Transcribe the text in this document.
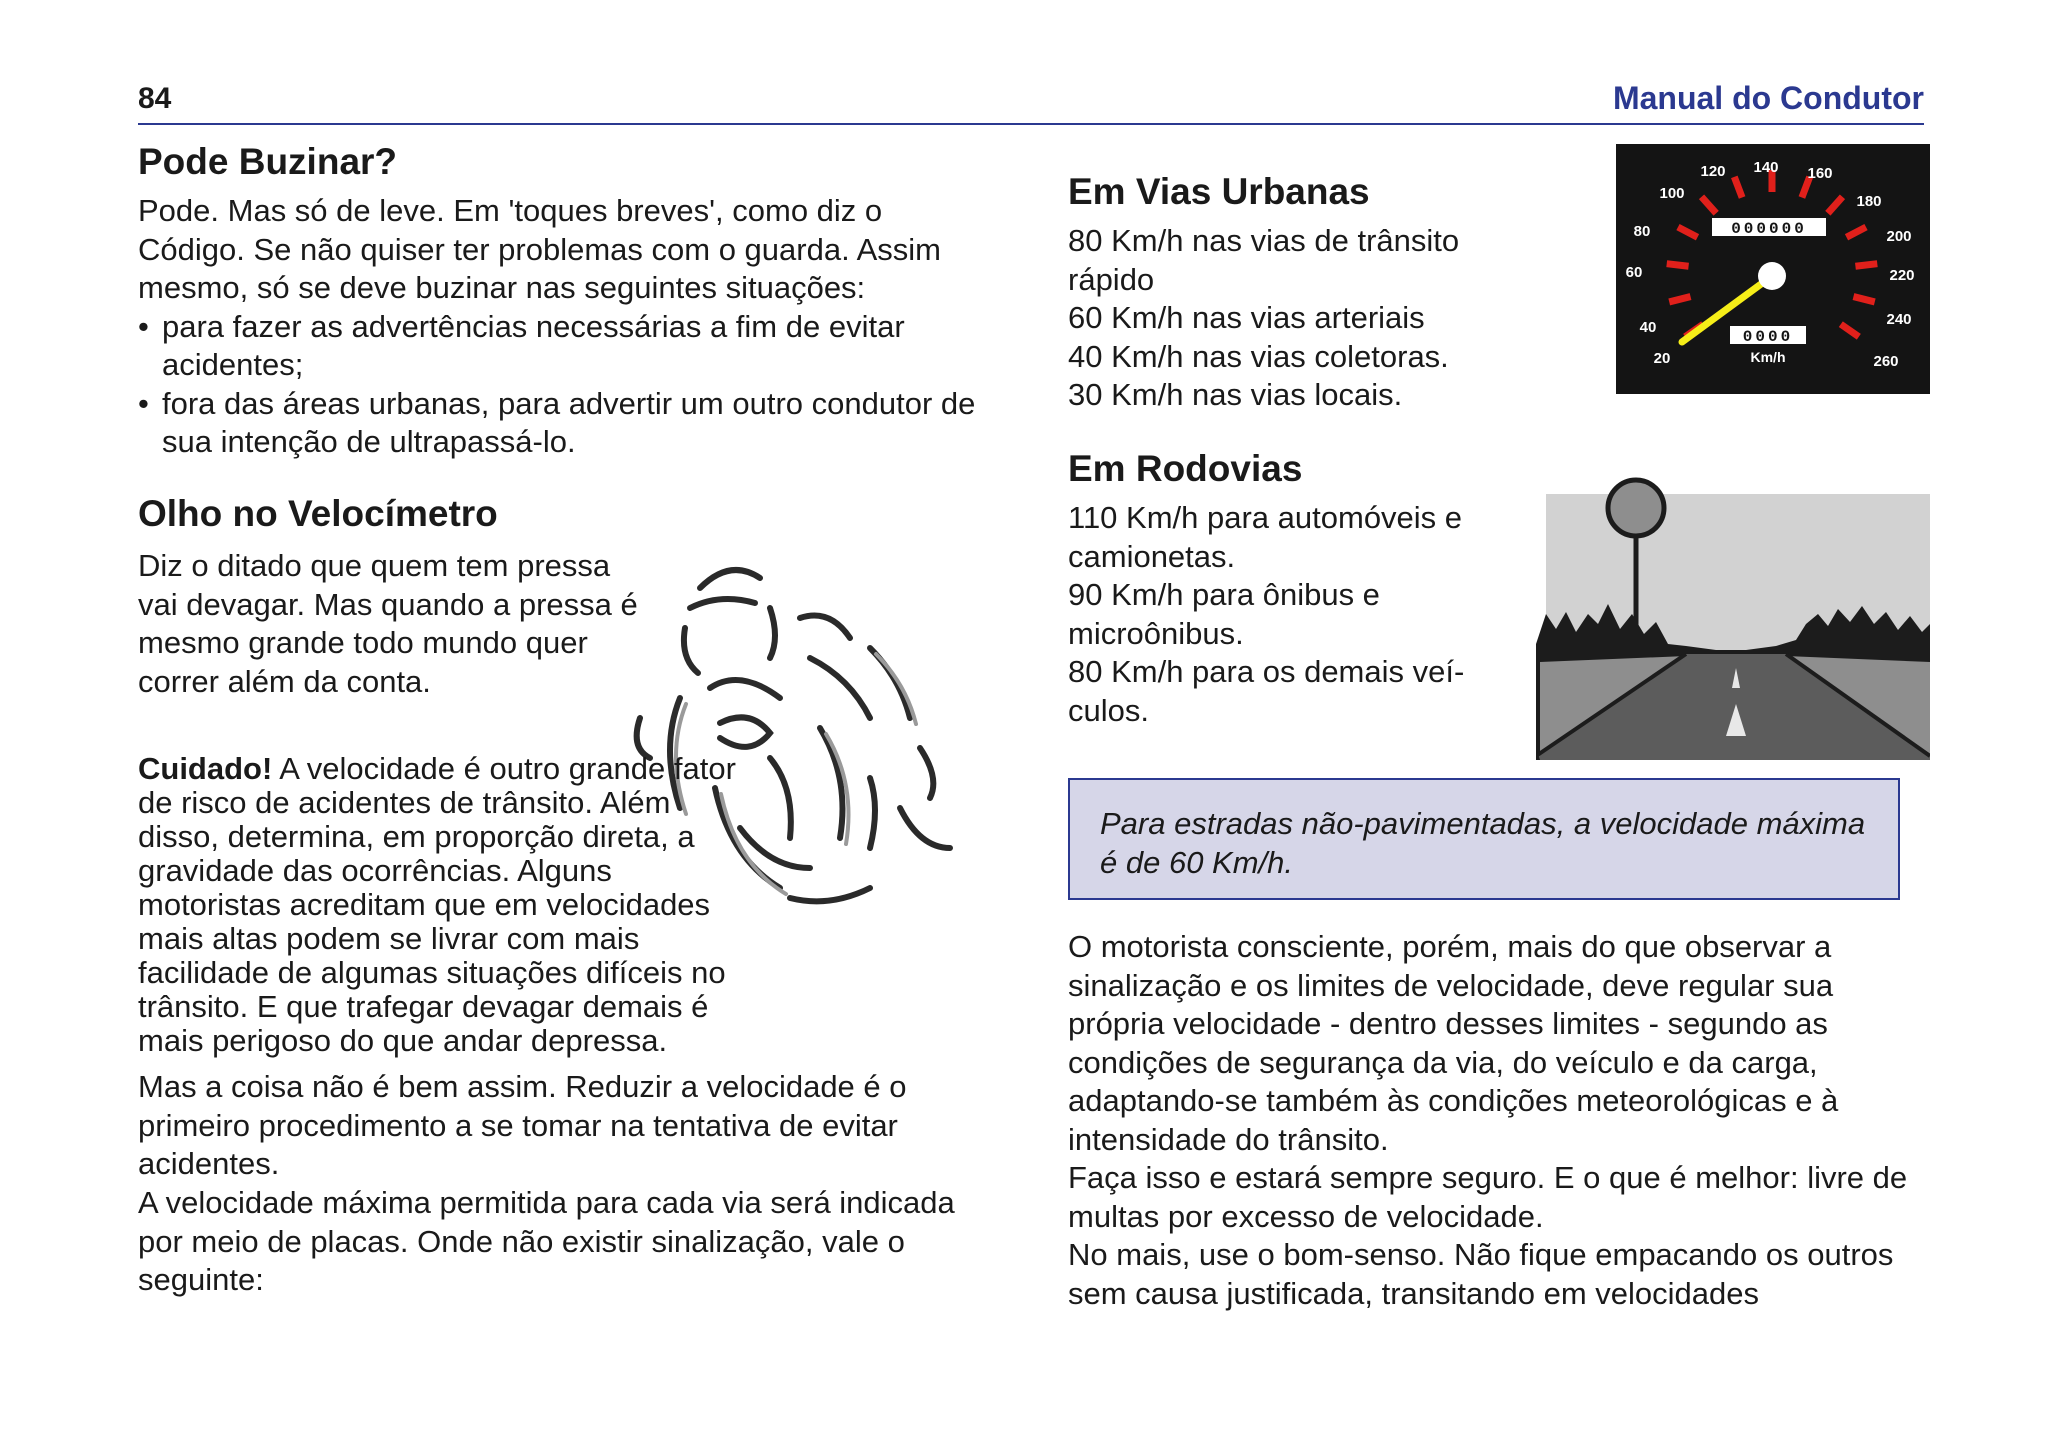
84	Manual do Condutor
Pode Buzinar?
Pode. Mas só de leve. Em 'toques breves', como diz o Código. Se não quiser ter problemas com o guarda. Assim mesmo, só se deve buzinar nas seguintes situações:
• para fazer as advertências necessárias a fim de evitar acidentes;
• fora das áreas urbanas, para advertir um outro condutor de sua intenção de ultrapassá-lo.
Olho no Velocímetro
Diz o ditado que quem tem pressa vai devagar. Mas quando a pressa é mesmo grande todo mundo quer correr além da conta.
Cuidado! A velocidade é outro grande fator de risco de acidentes de trânsito. Além disso, determina, em proporção direta, a gravidade das ocorrências. Alguns motoristas acreditam que em velocidades mais altas podem se livrar com mais facilidade de algumas situações difíceis no trânsito. E que trafegar devagar demais é mais perigoso do que andar depressa.
Mas a coisa não é bem assim. Reduzir a velocidade é o primeiro procedimento a se tomar na tentativa de evitar acidentes.
A velocidade máxima permitida para cada via será indicada por meio de placas. Onde não existir sinalização, vale o seguinte:
Em Vias Urbanas
80 Km/h nas vias de trânsito rápido
60 Km/h nas vias arteriais
40 Km/h nas vias coletoras.
30 Km/h nas vias locais.
20
40
60
80
100
120 140 160
180
200
220
240
260
000000
0000
Km/h
Em Rodovias
110 Km/h para automóveis e camionetas.
90 Km/h para ônibus e microônibus.
80 Km/h para os demais veí-culos.
Para estradas não-pavimentadas, a velocidade máxima é de 60 Km/h.
O motorista consciente, porém, mais do que observar a sinalização e os limites de velocidade, deve regular sua própria velocidade - dentro desses limites - segundo as condições de segurança da via, do veículo e da carga, adaptando-se também às condições meteorológicas e à intensidade do trânsito.
Faça isso e estará sempre seguro. E o que é melhor: livre de multas por excesso de velocidade.
No mais, use o bom-senso. Não fique empacando os outros sem causa justificada, transitando em velocidades
